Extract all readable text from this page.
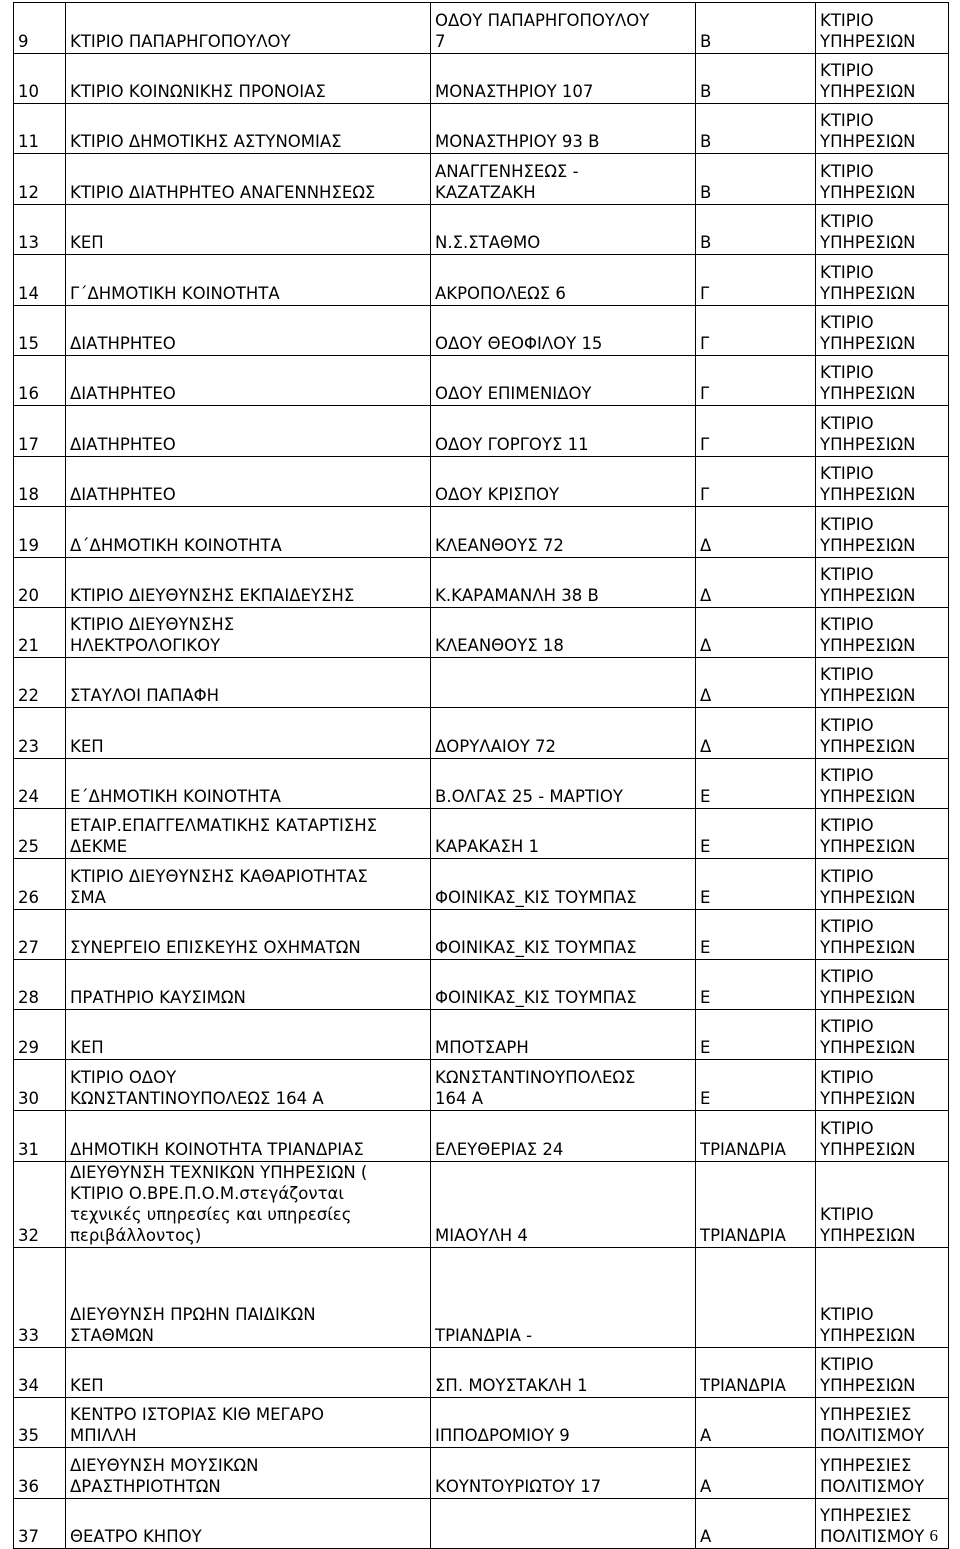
9	ΚΤΙΡΙΟ ΠΑΠΑΡΗΓΟΠΟΥΛΟΥ	ΟΔΟΥ ΠΑΠΑΡΗΓΟΠΟΥΛΟΥ
7	Β	ΚΤΙΡΙΟ
ΥΠΗΡΕΣΙΩΝ

10	ΚΤΙΡΙΟ ΚΟΙΝΩΝΙΚΗΣ ΠΡΟΝΟΙΑΣ	ΜΟΝΑΣΤΗΡΙΟΥ 107	Β	ΚΤΙΡΙΟ
ΥΠΗΡΕΣΙΩΝ

11	ΚΤΙΡΙΟ ΔΗΜΟΤΙΚΗΣ ΑΣΤΥΝΟΜΙΑΣ	ΜΟΝΑΣΤΗΡΙΟΥ 93 Β	Β	ΚΤΙΡΙΟ
ΥΠΗΡΕΣΙΩΝ

12	ΚΤΙΡΙΟ ΔΙΑΤΗΡΗΤΕΟ ΑΝΑΓΕΝΝΗΣΕΩΣ	ΑΝΑΓΓΕΝΗΣΕΩΣ -
ΚΑΖΑΤΖΑΚΗ	Β	ΚΤΙΡΙΟ
ΥΠΗΡΕΣΙΩΝ

13	ΚΕΠ	Ν.Σ.ΣΤΑΘΜΟ	Β	ΚΤΙΡΙΟ
ΥΠΗΡΕΣΙΩΝ

14	Γ΄ΔΗΜΟΤΙΚΗ ΚΟΙΝΟΤΗΤΑ	ΑΚΡΟΠΟΛΕΩΣ 6	Γ	ΚΤΙΡΙΟ
ΥΠΗΡΕΣΙΩΝ

15	ΔΙΑΤΗΡΗΤΕΟ	ΟΔΟΥ ΘΕΟΦΙΛΟΥ 15	Γ	ΚΤΙΡΙΟ
ΥΠΗΡΕΣΙΩΝ

16	ΔΙΑΤΗΡΗΤΕΟ	ΟΔΟΥ ΕΠΙΜΕΝΙΔΟΥ	Γ	ΚΤΙΡΙΟ
ΥΠΗΡΕΣΙΩΝ

17	ΔΙΑΤΗΡΗΤΕΟ	ΟΔΟΥ ΓΟΡΓΟΥΣ 11	Γ	ΚΤΙΡΙΟ
ΥΠΗΡΕΣΙΩΝ

18	ΔΙΑΤΗΡΗΤΕΟ	ΟΔΟΥ ΚΡΙΣΠΟΥ	Γ	ΚΤΙΡΙΟ
ΥΠΗΡΕΣΙΩΝ

19	Δ΄ΔΗΜΟΤΙΚΗ ΚΟΙΝΟΤΗΤΑ	ΚΛΕΑΝΘΟΥΣ 72	Δ	ΚΤΙΡΙΟ
ΥΠΗΡΕΣΙΩΝ

20	ΚΤΙΡΙΟ ΔΙΕΥΘΥΝΣΗΣ ΕΚΠΑΙΔΕΥΣΗΣ	Κ.ΚΑΡΑΜΑΝΛΗ 38 Β	Δ	ΚΤΙΡΙΟ
ΥΠΗΡΕΣΙΩΝ

21	ΚΤΙΡΙΟ ΔΙΕΥΘΥΝΣΗΣ
ΗΛΕΚΤΡΟΛΟΓΙΚΟΥ	ΚΛΕΑΝΘΟΥΣ 18	Δ	ΚΤΙΡΙΟ
ΥΠΗΡΕΣΙΩΝ

22	ΣΤΑΥΛΟΙ ΠΑΠΑΦΗ		Δ	ΚΤΙΡΙΟ
ΥΠΗΡΕΣΙΩΝ

23	ΚΕΠ	ΔΟΡΥΛΑΙΟΥ 72	Δ	ΚΤΙΡΙΟ
ΥΠΗΡΕΣΙΩΝ

24	Ε΄ΔΗΜΟΤΙΚΗ ΚΟΙΝΟΤΗΤΑ	Β.ΟΛΓΑΣ 25 - ΜΑΡΤΙΟΥ	Ε	ΚΤΙΡΙΟ
ΥΠΗΡΕΣΙΩΝ

25	ΕΤΑΙΡ.ΕΠΑΓΓΕΛΜΑΤΙΚΗΣ ΚΑΤΑΡΤΙΣΗΣ
ΔΕΚΜΕ	ΚΑΡΑΚΑΣΗ 1	Ε	ΚΤΙΡΙΟ
ΥΠΗΡΕΣΙΩΝ

26	ΚΤΙΡΙΟ ΔΙΕΥΘΥΝΣΗΣ ΚΑΘΑΡΙΟΤΗΤΑΣ
ΣΜΑ	ΦΟΙΝΙΚΑΣ_ΚΙΣ ΤΟΥΜΠΑΣ	Ε	ΚΤΙΡΙΟ
ΥΠΗΡΕΣΙΩΝ

27	ΣΥΝΕΡΓΕΙΟ ΕΠΙΣΚΕΥΗΣ ΟΧΗΜΑΤΩΝ	ΦΟΙΝΙΚΑΣ_ΚΙΣ ΤΟΥΜΠΑΣ	Ε	ΚΤΙΡΙΟ
ΥΠΗΡΕΣΙΩΝ

28	ΠΡΑΤΗΡΙΟ ΚΑΥΣΙΜΩΝ	ΦΟΙΝΙΚΑΣ_ΚΙΣ ΤΟΥΜΠΑΣ	Ε	ΚΤΙΡΙΟ
ΥΠΗΡΕΣΙΩΝ

29	ΚΕΠ	ΜΠΟΤΣΑΡΗ	Ε	ΚΤΙΡΙΟ
ΥΠΗΡΕΣΙΩΝ

30	ΚΤΙΡΙΟ ΟΔΟΥ
ΚΩΝΣΤΑΝΤΙΝΟΥΠΟΛΕΩΣ 164 Α	ΚΩΝΣΤΑΝΤΙΝΟΥΠΟΛΕΩΣ
164 Α	Ε	ΚΤΙΡΙΟ
ΥΠΗΡΕΣΙΩΝ

31	ΔΗΜΟΤΙΚΗ ΚΟΙΝΟΤΗΤΑ ΤΡΙΑΝΔΡΙΑΣ	ΕΛΕΥΘΕΡΙΑΣ 24	ΤΡΙΑΝΔΡΙΑ	ΚΤΙΡΙΟ
ΥΠΗΡΕΣΙΩΝ

32	ΔΙΕΥΘΥΝΣΗ ΤΕΧΝΙΚΩΝ ΥΠΗΡΕΣΙΩΝ (
ΚΤΙΡΙΟ Ο.ΒΡΕ.Π.Ο.Μ.στεγάζονται
τεχνικές υπηρεσίες και υπηρεσίες
περιβάλλοντος)	ΜΙΑΟΥΛΗ 4	ΤΡΙΑΝΔΡΙΑ	ΚΤΙΡΙΟ
ΥΠΗΡΕΣΙΩΝ

33	ΔΙΕΥΘΥΝΣΗ ΠΡΩΗΝ ΠΑΙΔΙΚΩΝ
ΣΤΑΘΜΩΝ	ΤΡΙΑΝΔΡΙΑ -		ΚΤΙΡΙΟ
ΥΠΗΡΕΣΙΩΝ

34	ΚΕΠ	ΣΠ. ΜΟΥΣΤΑΚΛΗ 1	ΤΡΙΑΝΔΡΙΑ	ΚΤΙΡΙΟ
ΥΠΗΡΕΣΙΩΝ

35	ΚΕΝΤΡΟ ΙΣΤΟΡΙΑΣ ΚΙΘ ΜΕΓΑΡΟ
ΜΠΙΛΛΗ	ΙΠΠΟΔΡΟΜΙΟΥ 9	Α	ΥΠΗΡΕΣΙΕΣ
ΠΟΛΙΤΙΣΜΟΥ

36	ΔΙΕΥΘΥΝΣΗ ΜΟΥΣΙΚΩΝ
ΔΡΑΣΤΗΡΙΟΤΗΤΩΝ	ΚΟΥΝΤΟΥΡΙΩΤΟΥ 17	Α	ΥΠΗΡΕΣΙΕΣ
ΠΟΛΙΤΙΣΜΟΥ

37	ΘΕΑΤΡΟ ΚΗΠΟΥ		Α	ΥΠΗΡΕΣΙΕΣ
ΠΟΛΙΤΙΣΜΟΥ 6
